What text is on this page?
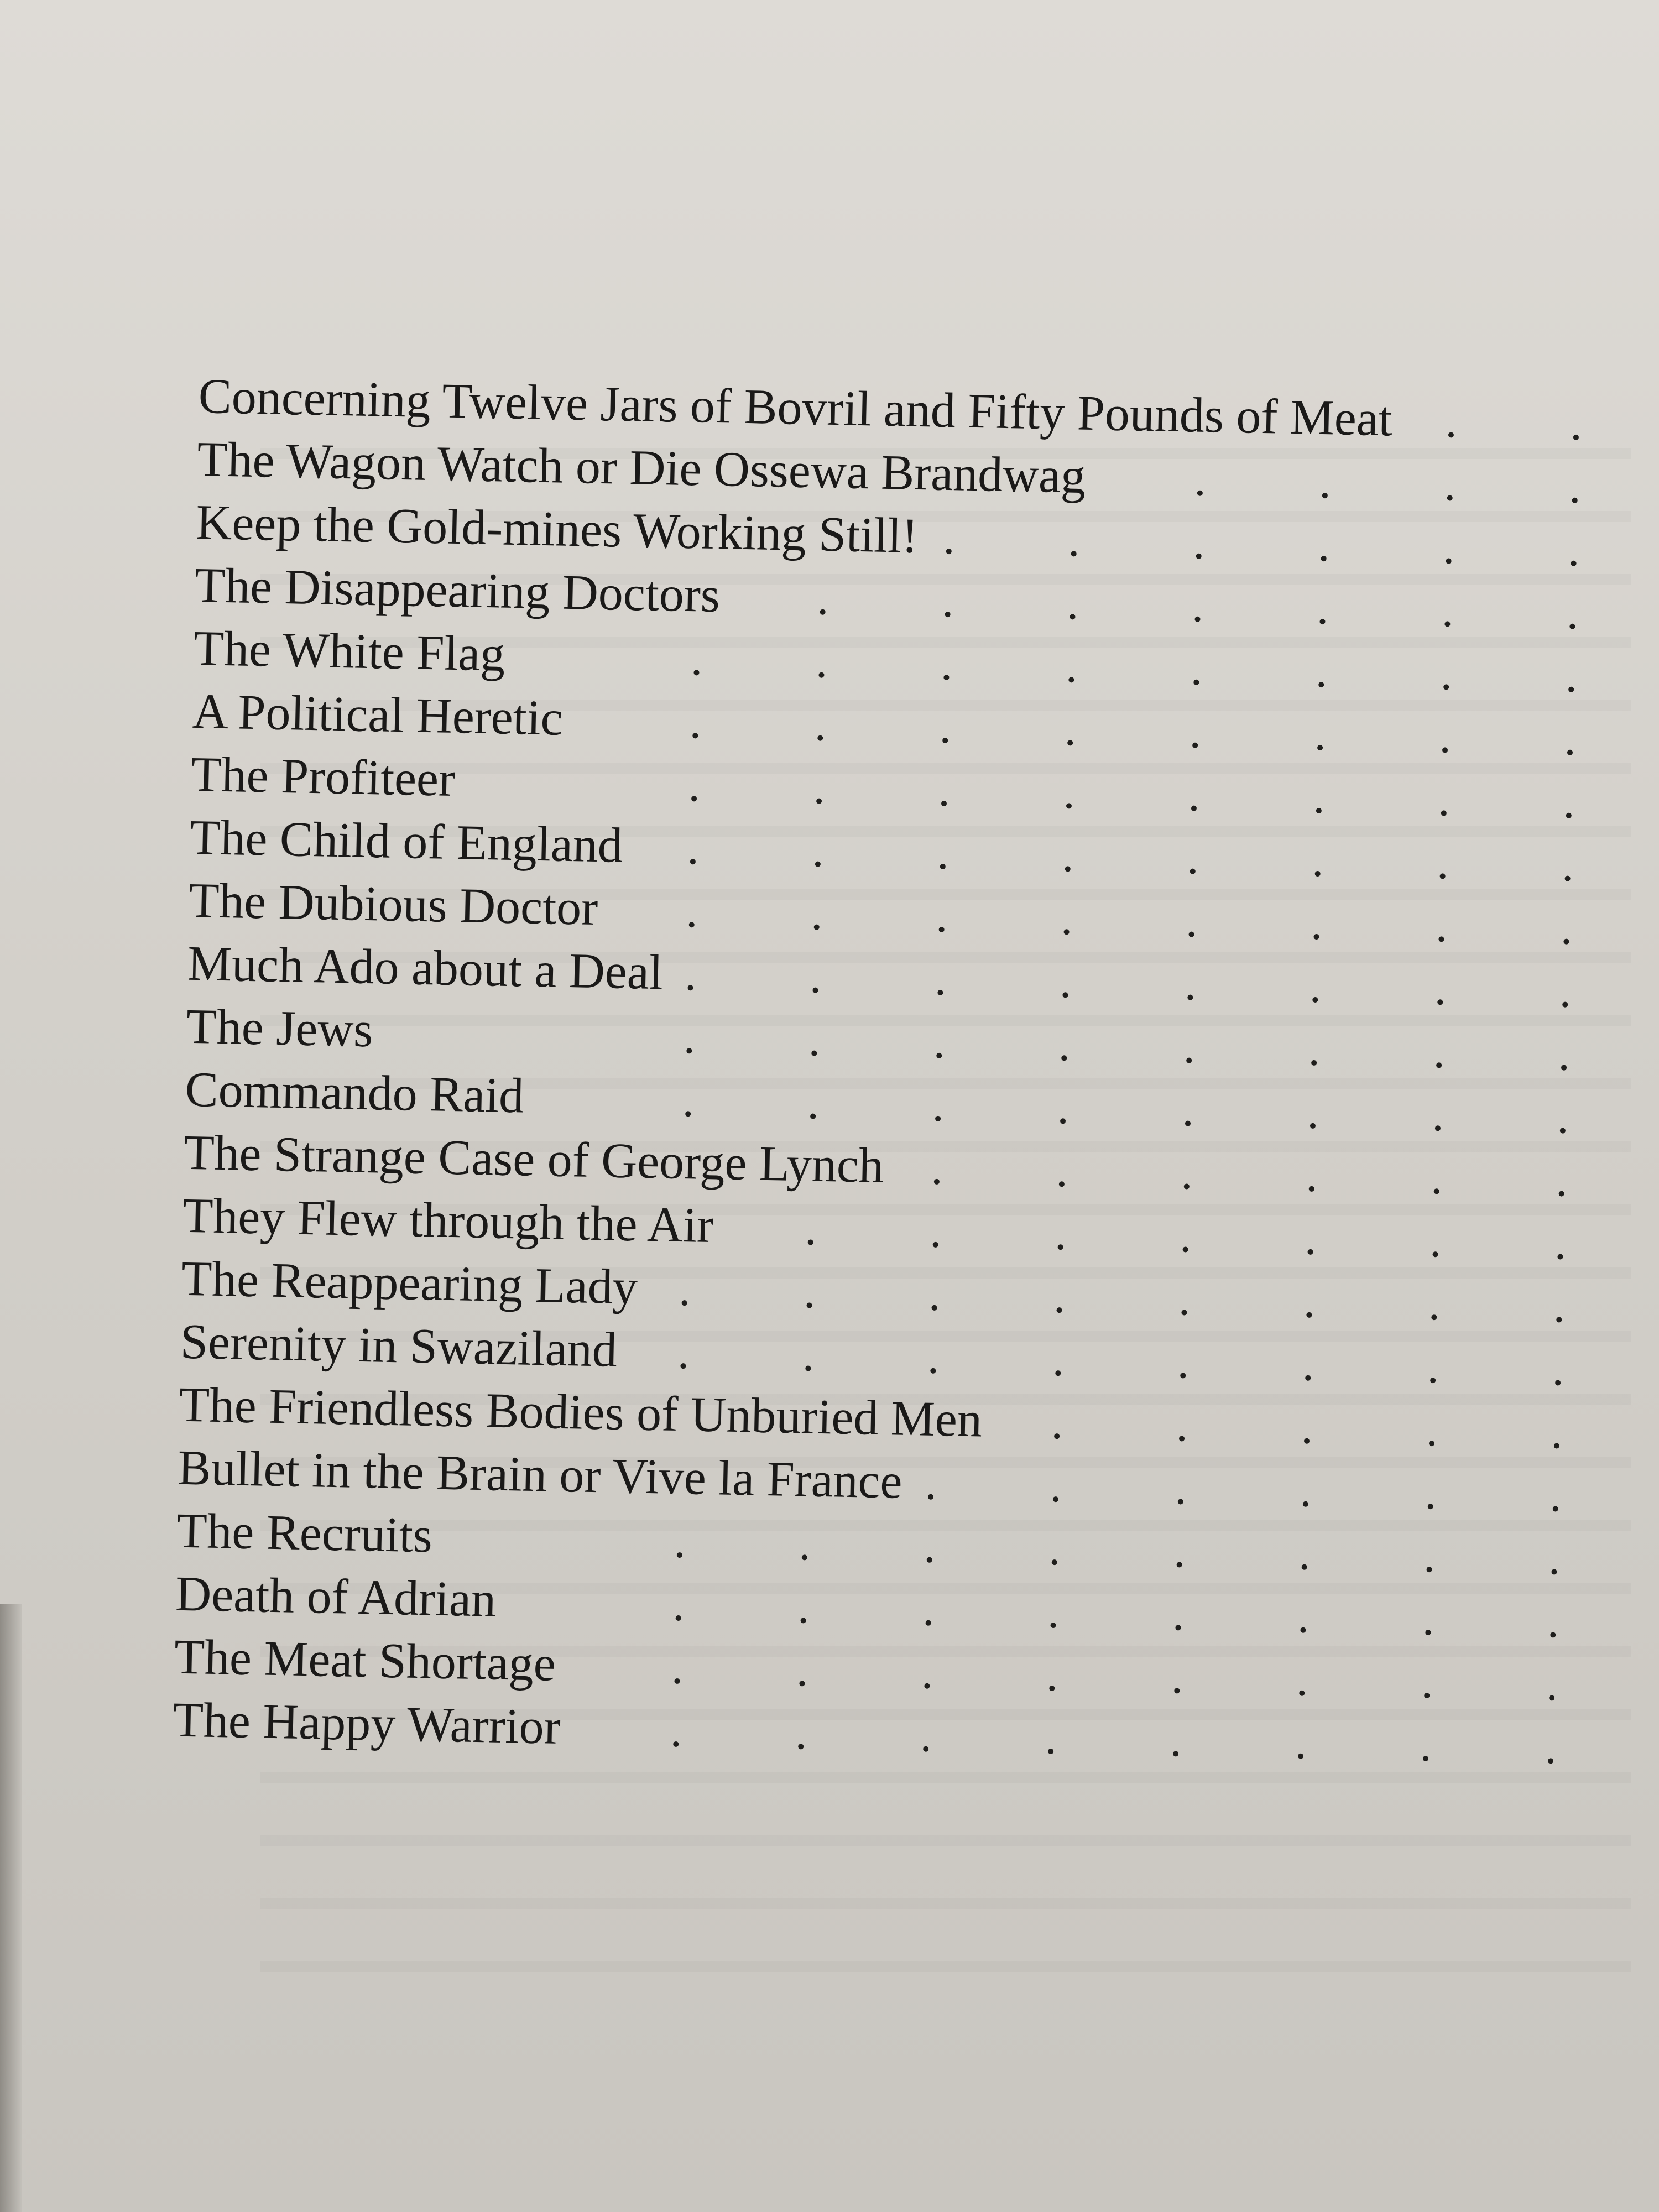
Concerning Twelve Jars of Bovril and Fifty Pounds of Meat
The Wagon Watch or Die Ossewa Brandwag
Keep the Gold-mines Working Still!
The Disappearing Doctors
The White Flag
A Political Heretic
The Profiteer
The Child of England
The Dubious Doctor
Much Ado about a Deal
The Jews
Commando Raid
The Strange Case of George Lynch
They Flew through the Air
The Reappearing Lady
Serenity in Swaziland
The Friendless Bodies of Unburied Men
Bullet in the Brain or Vive la France
The Recruits
Death of Adrian
The Meat Shortage
The Happy Warrior
